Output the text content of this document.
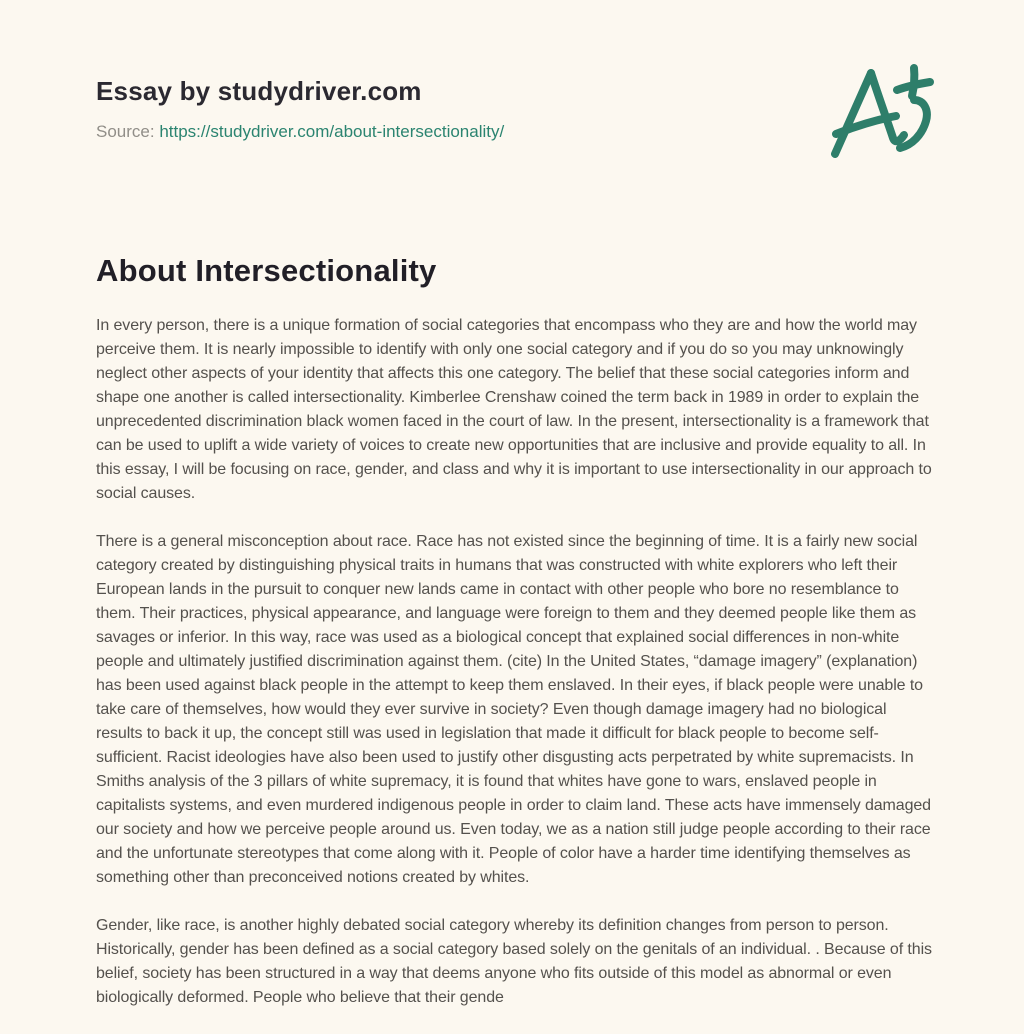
Essay by studydriver.com
Source: https://studydriver.com/about-intersectionality/
About Intersectionality

In every person, there is a unique formation of social categories that encompass who they are and how the world may perceive them. It is nearly impossible to identify with only one social category and if you do so you may unknowingly neglect other aspects of your identity that affects this one category. The belief that these social categories inform and shape one another is called intersectionality. Kimberlee Crenshaw coined the term back in 1989 in order to explain the unprecedented discrimination black women faced in the court of law. In the present, intersectionality is a framework that can be used to uplift a wide variety of voices to create new opportunities that are inclusive and provide equality to all. In this essay, I will be focusing on race, gender, and class and why it is important to use intersectionality in our approach to social causes.

There is a general misconception about race. Race has not existed since the beginning of time. It is a fairly new social category created by distinguishing physical traits in humans that was constructed with white explorers who left their European lands in the pursuit to conquer new lands came in contact with other people who bore no resemblance to them. Their practices, physical appearance, and language were foreign to them and they deemed people like them as savages or inferior. In this way, race was used as a biological concept that explained social differences in non-white people and ultimately justified discrimination against them. (cite) In the United States, “damage imagery” (explanation) has been used against black people in the attempt to keep them enslaved. In their eyes, if black people were unable to take care of themselves, how would they ever survive in society? Even though damage imagery had no biological results to back it up, the concept still was used in legislation that made it difficult for black people to become self-sufficient. Racist ideologies have also been used to justify other disgusting acts perpetrated by white supremacists. In Smiths analysis of the 3 pillars of white supremacy, it is found that whites have gone to wars, enslaved people in capitalists systems, and even murdered indigenous people in order to claim land. These acts have immensely damaged our society and how we perceive people around us. Even today, we as a nation still judge people according to their race and the unfortunate stereotypes that come along with it. People of color have a harder time identifying themselves as something other than preconceived notions created by whites.

Gender, like race, is another highly debated social category whereby its definition changes from person to person. Historically, gender has been defined as a social category based solely on the genitals of an individual. . Because of this belief, society has been structured in a way that deems anyone who fits outside of this model as abnormal or even biologically deformed. People who believe that their gende
